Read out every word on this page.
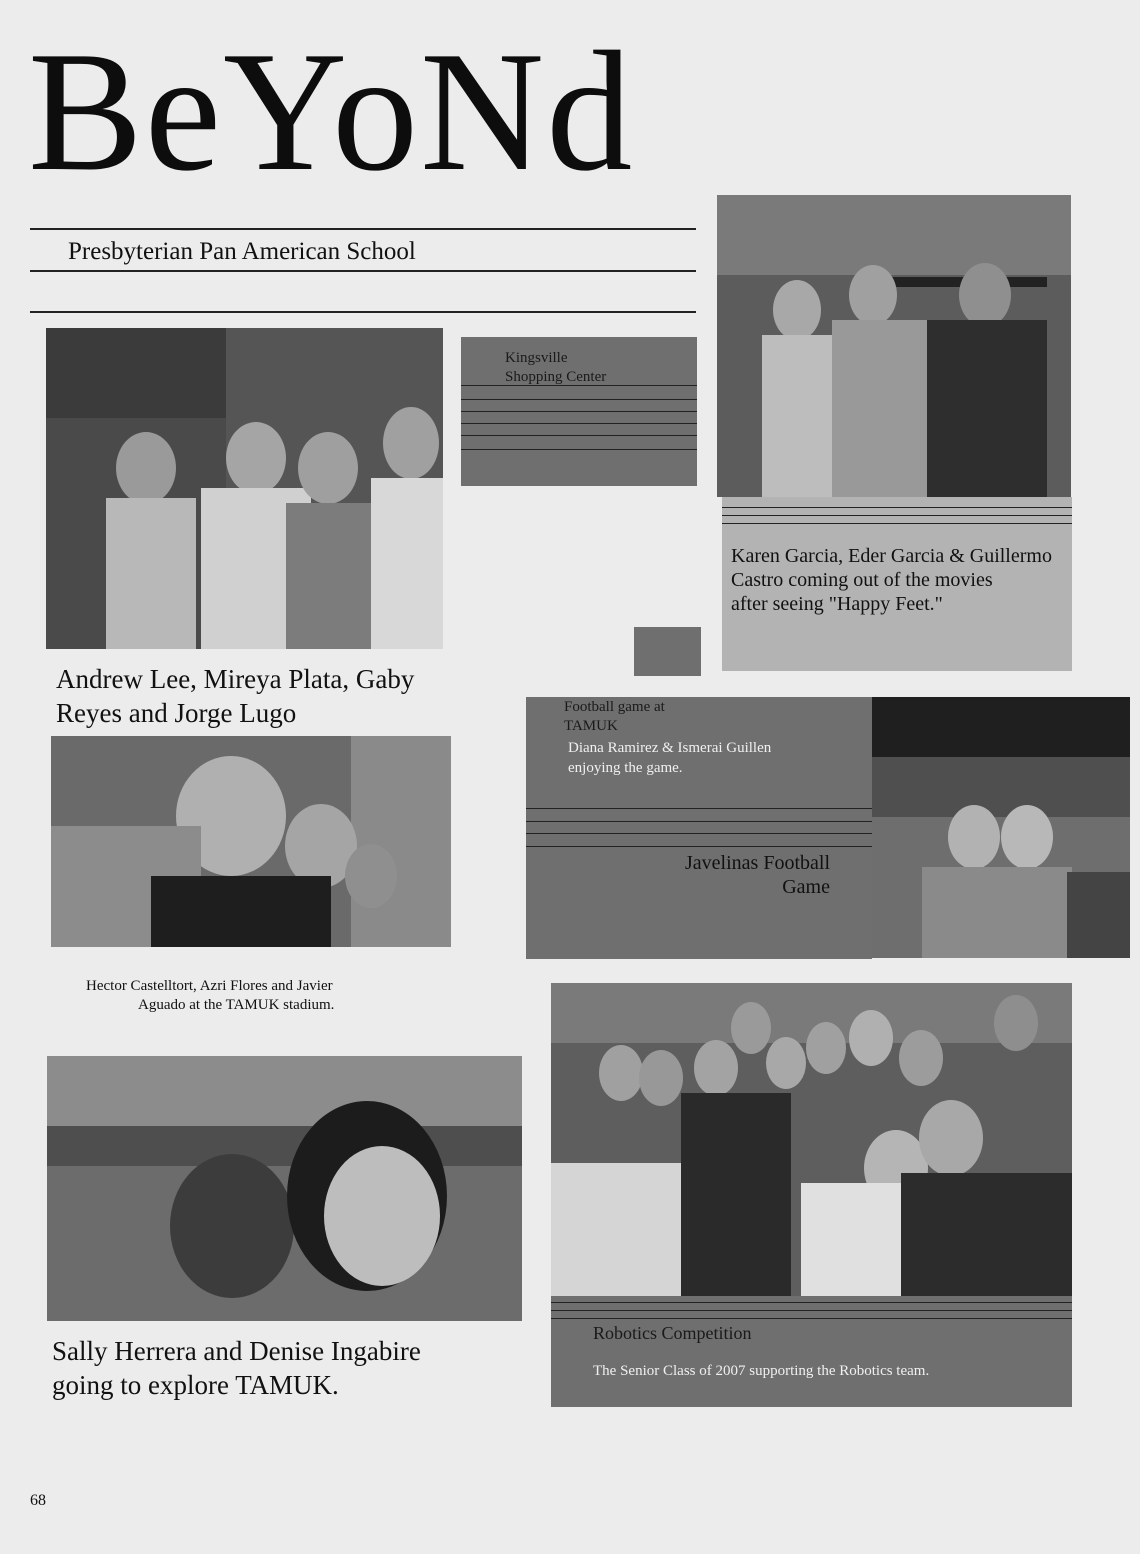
BeYoNd
Presbyterian Pan American School
Kingsville
Shopping Center
Karen Garcia, Eder Garcia & Guillermo
Castro coming out of the movies
after seeing "Happy Feet."
Andrew Lee, Mireya Plata, Gaby
Reyes and Jorge Lugo	Football game at
TAMUK
Diana Ramirez & Ismerai Guillen
enjoying the game.
Javelinas Football
Game
Hector Castelltort, Azri Flores and Javier
Aguado at the TAMUK stadium.
Robotics Competition
The Senior Class of 2007 supporting the Robotics team.
Sally Herrera and Denise Ingabire
going to explore TAMUK.
68
